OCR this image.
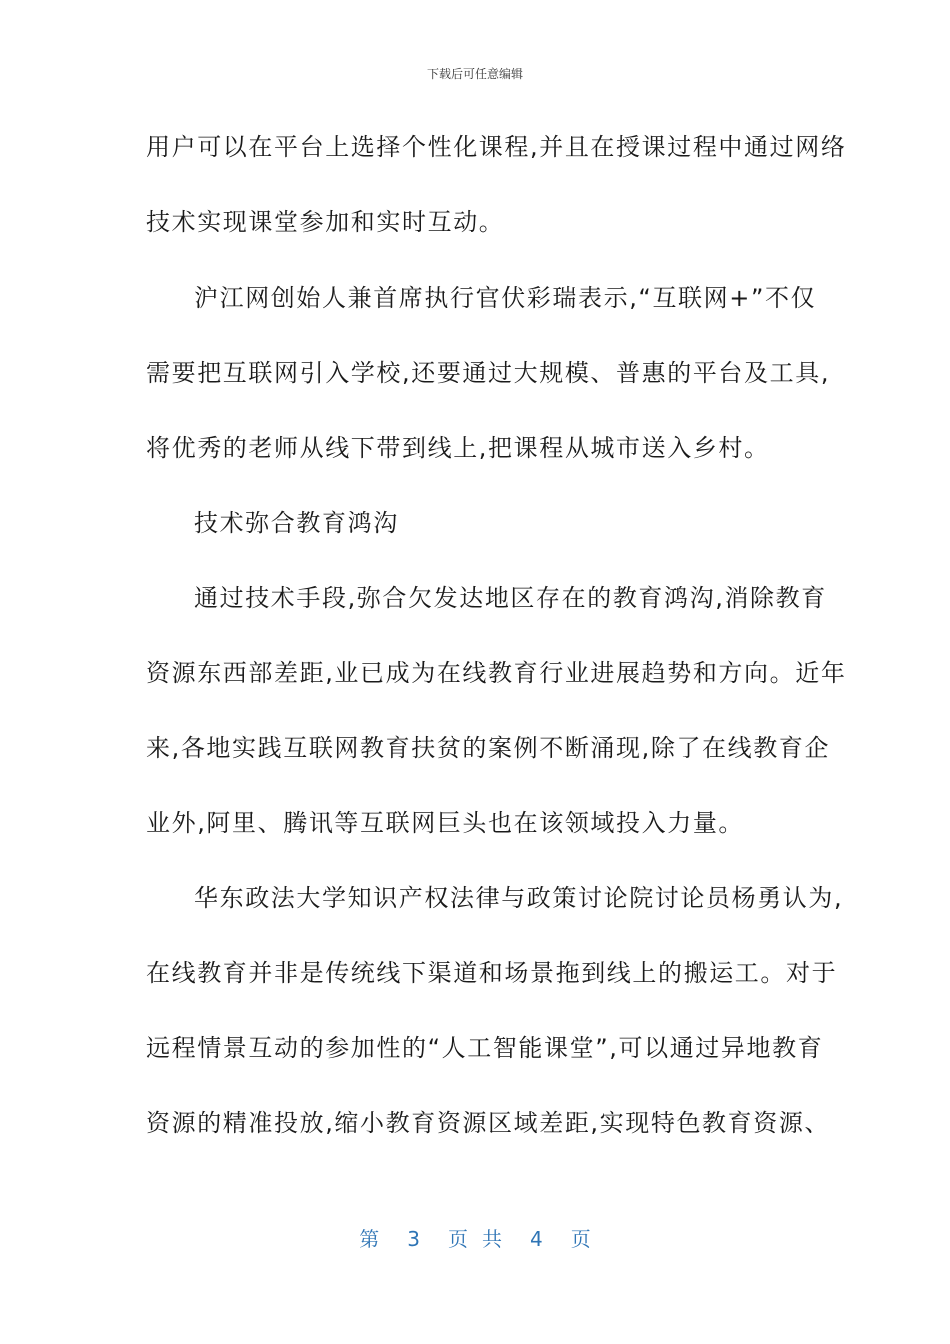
下载后可任意编辑
用户可以在平台上选择个性化课程,并且在授课过程中通过网络
技术实现课堂参加和实时互动。
沪江网创始人兼首席执行官伏彩瑞表示,“互联网+”不仅
需要把互联网引入学校,还要通过大规模、普惠的平台及工具,
将优秀的老师从线下带到线上,把课程从城市送入乡村。
技术弥合教育鸿沟
通过技术手段,弥合欠发达地区存在的教育鸿沟,消除教育
资源东西部差距,业已成为在线教育行业进展趋势和方向。近年
来,各地实践互联网教育扶贫的案例不断涌现,除了在线教育企
业外,阿里、腾讯等互联网巨头也在该领域投入力量。
华东政法大学知识产权法律与政策讨论院讨论员杨勇认为,
在线教育并非是传统线下渠道和场景拖到线上的搬运工。对于
远程情景互动的参加性的“人工智能课堂”,可以通过异地教育
资源的精准投放,缩小教育资源区域差距,实现特色教育资源、
第 3 页 共 4 页
